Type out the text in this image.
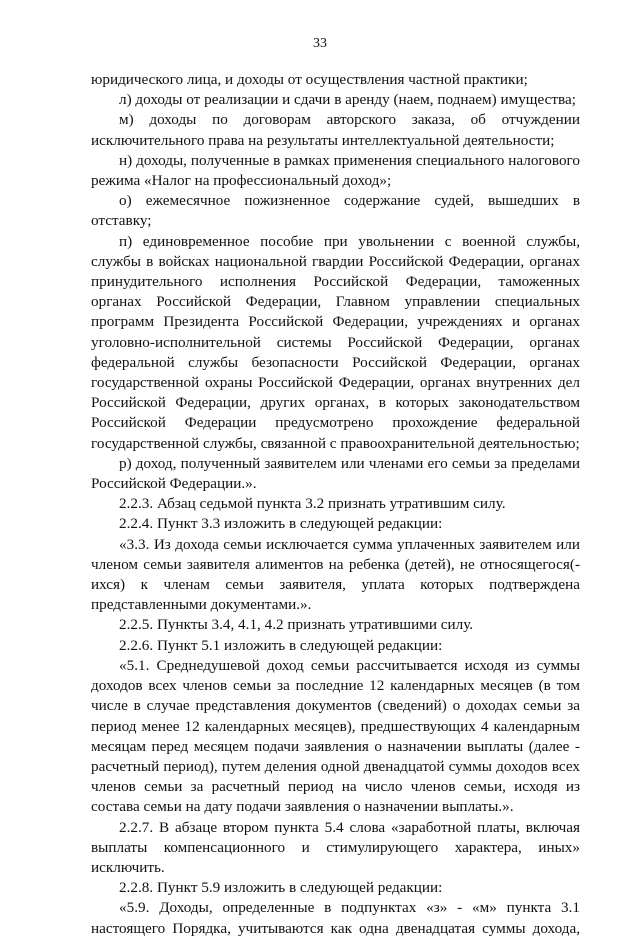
33

юридического лица, и доходы от осуществления частной практики;

л) доходы от реализации и сдачи в аренду (наем, поднаем) имущества;

м) доходы по договорам авторского заказа, об отчуждении исключительного права на результаты интеллектуальной деятельности;

н) доходы, полученные в рамках применения специального налогового режима «Налог на профессиональный доход»;

о) ежемесячное пожизненное содержание судей, вышедших в отставку;

п) единовременное пособие при увольнении с военной службы, службы в войсках национальной гвардии Российской Федерации, органах принудительного исполнения Российской Федерации, таможенных органах Российской Федерации, Главном управлении специальных программ Президента Российской Федерации, учреждениях и органах уголовно-исполнительной системы Российской Федерации, органах федеральной службы безопасности Российской Федерации, органах государственной охраны Российской Федерации, органах внутренних дел Российской Федерации, других органах, в которых законодательством Российской Федерации предусмотрено прохождение федеральной государственной службы, связанной с правоохранительной деятельностью;

р) доход, полученный заявителем или членами его семьи за пределами Российской Федерации.».

2.2.3. Абзац седьмой пункта 3.2 признать утратившим силу.

2.2.4. Пункт 3.3 изложить в следующей редакции:

«3.3. Из дохода семьи исключается сумма уплаченных заявителем или членом семьи заявителя алиментов на ребенка (детей), не относящегося(-ихся) к членам семьи заявителя, уплата которых подтверждена представленными документами.».

2.2.5. Пункты 3.4, 4.1, 4.2 признать утратившими силу.

2.2.6. Пункт 5.1 изложить в следующей редакции:

«5.1. Среднедушевой доход семьи рассчитывается исходя из суммы доходов всех членов семьи за последние 12 календарных месяцев (в том числе в случае представления документов (сведений) о доходах семьи за период менее 12 календарных месяцев), предшествующих 4 календарным месяцам перед месяцем подачи заявления о назначении выплаты (далее - расчетный период), путем деления одной двенадцатой суммы доходов всех членов семьи за расчетный период на число членов семьи, исходя из состава семьи на дату подачи заявления о назначении выплаты.».

2.2.7. В абзаце втором пункта 5.4 слова «заработной платы, включая выплаты компенсационного и стимулирующего характера, иных» исключить.

2.2.8. Пункт 5.9 изложить в следующей редакции:

«5.9. Доходы, определенные в подпунктах «з» - «м» пункта 3.1 настоящего Порядка, учитываются как одна двенадцатая суммы дохода,
